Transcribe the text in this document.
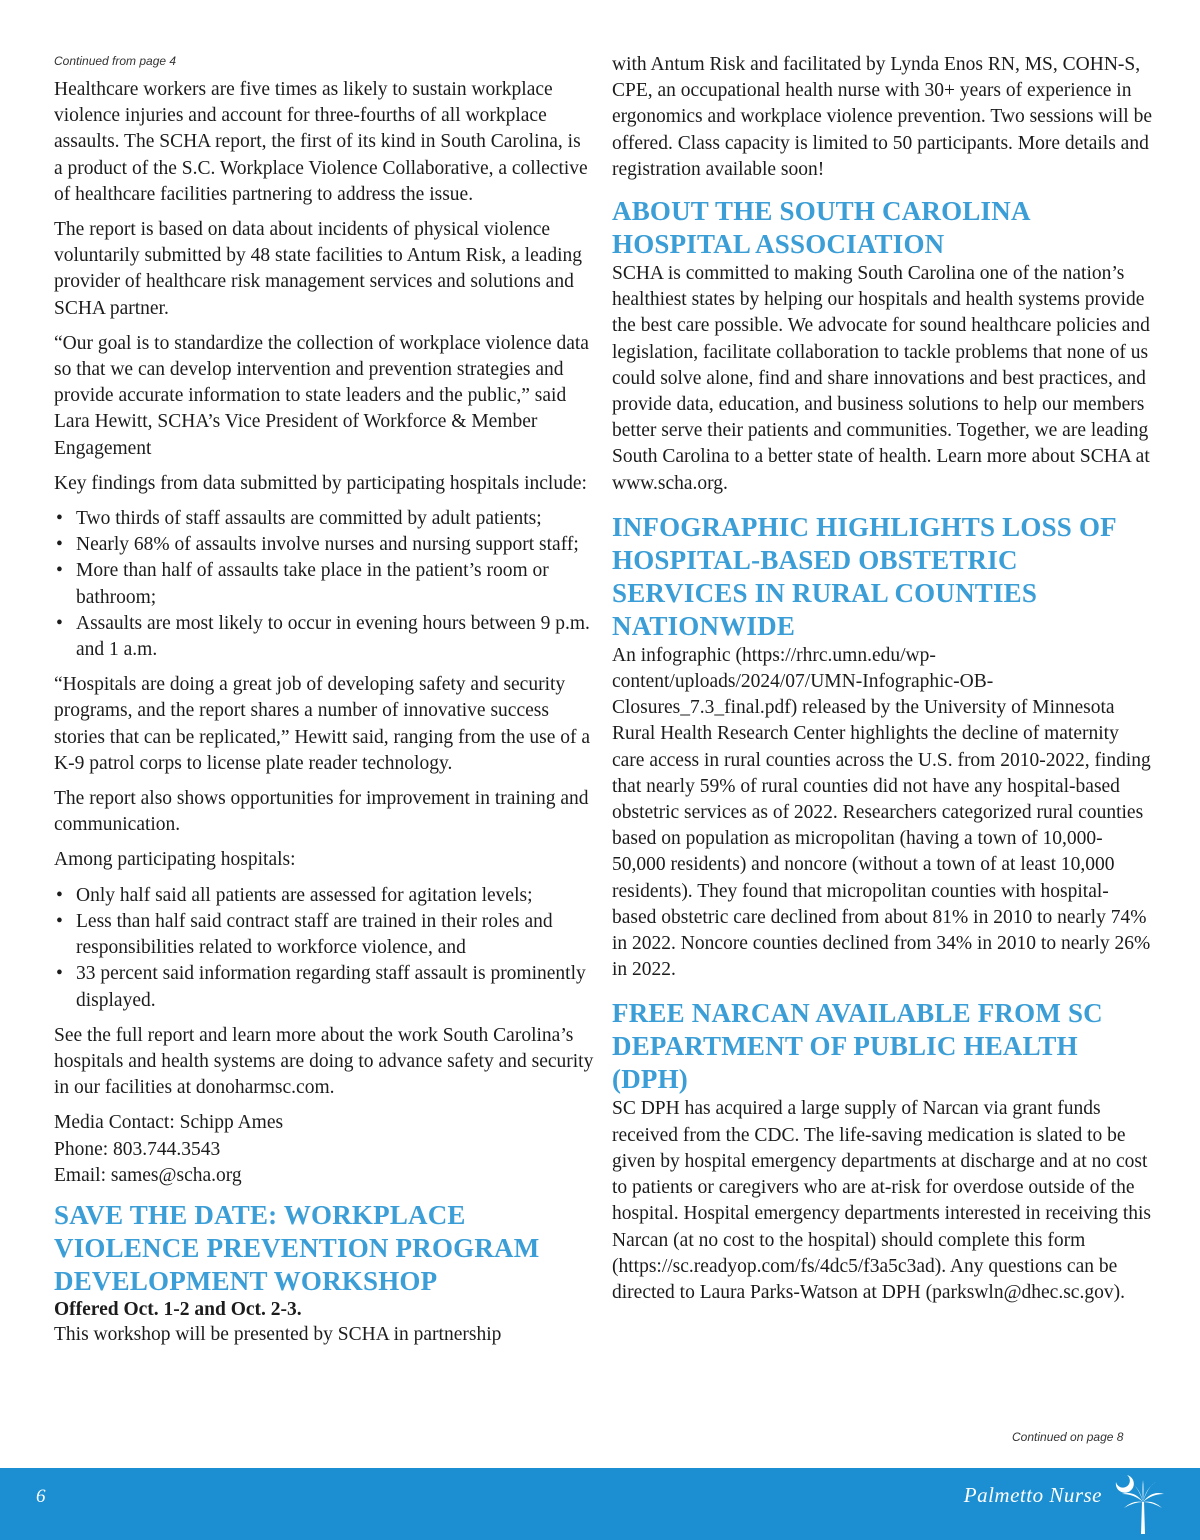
Continued from page 4

Healthcare workers are five times as likely to sustain workplace violence injuries and account for three-fourths of all workplace assaults. The SCHA report, the first of its kind in South Carolina, is a product of the S.C. Workplace Violence Collaborative, a collective of healthcare facilities partnering to address the issue.

The report is based on data about incidents of physical violence voluntarily submitted by 48 state facilities to Antum Risk, a leading provider of healthcare risk management services and solutions and SCHA partner.

“Our goal is to standardize the collection of workplace violence data so that we can develop intervention and prevention strategies and provide accurate information to state leaders and the public,” said Lara Hewitt, SCHA’s Vice President of Workforce & Member Engagement

Key findings from data submitted by participating hospitals include:

• Two thirds of staff assaults are committed by adult patients;
• Nearly 68% of assaults involve nurses and nursing support staff;
• More than half of assaults take place in the patient’s room or bathroom;
• Assaults are most likely to occur in evening hours between 9 p.m. and 1 a.m.

“Hospitals are doing a great job of developing safety and security programs, and the report shares a number of innovative success stories that can be replicated,” Hewitt said, ranging from the use of a K-9 patrol corps to license plate reader technology.

The report also shows opportunities for improvement in training and communication.

Among participating hospitals:

• Only half said all patients are assessed for agitation levels;
• Less than half said contract staff are trained in their roles and responsibilities related to workforce violence, and
• 33 percent said information regarding staff assault is prominently displayed.

See the full report and learn more about the work South Carolina’s hospitals and health systems are doing to advance safety and security in our facilities at donoharmsc.com.

Media Contact: Schipp Ames

Phone: 803.744.3543

Email: sames@scha.org

SAVE THE DATE: WORKPLACE VIOLENCE PREVENTION PROGRAM DEVELOPMENT WORKSHOP

Offered Oct. 1-2 and Oct. 2-3.

This workshop will be presented by SCHA in partnership

with Antum Risk and facilitated by Lynda Enos RN, MS, COHN-S, CPE, an occupational health nurse with 30+ years of experience in ergonomics and workplace violence prevention. Two sessions will be offered. Class capacity is limited to 50 participants. More details and registration available soon!

ABOUT THE SOUTH CAROLINA HOSPITAL ASSOCIATION

SCHA is committed to making South Carolina one of the nation’s healthiest states by helping our hospitals and health systems provide the best care possible. We advocate for sound healthcare policies and legislation, facilitate collaboration to tackle problems that none of us could solve alone, find and share innovations and best practices, and provide data, education, and business solutions to help our members better serve their patients and communities. Together, we are leading South Carolina to a better state of health. Learn more about SCHA at www.scha.org.

INFOGRAPHIC HIGHLIGHTS LOSS OF HOSPITAL-BASED OBSTETRIC SERVICES IN RURAL COUNTIES NATIONWIDE

An infographic (https://rhrc.umn.edu/wp-content/uploads/2024/07/UMN-Infographic-OB-Closures_7.3_final.pdf) released by the University of Minnesota Rural Health Research Center highlights the decline of maternity care access in rural counties across the U.S. from 2010-2022, finding that nearly 59% of rural counties did not have any hospital-based obstetric services as of 2022. Researchers categorized rural counties based on population as micropolitan (having a town of 10,000-50,000 residents) and noncore (without a town of at least 10,000 residents). They found that micropolitan counties with hospital-based obstetric care declined from about 81% in 2010 to nearly 74% in 2022. Noncore counties declined from 34% in 2010 to nearly 26% in 2022.

FREE NARCAN AVAILABLE FROM SC DEPARTMENT OF PUBLIC HEALTH (DPH)

SC DPH has acquired a large supply of Narcan via grant funds received from the CDC. The life-saving medication is slated to be given by hospital emergency departments at discharge and at no cost to patients or caregivers who are at-risk for overdose outside of the hospital. Hospital emergency departments interested in receiving this Narcan (at no cost to the hospital) should complete this form (https://sc.readyop.com/fs/4dc5/f3a5c3ad). Any questions can be directed to Laura Parks-Watson at DPH (parkswln@dhec.sc.gov).

Continued on page 8
6	Palmetto Nurse
